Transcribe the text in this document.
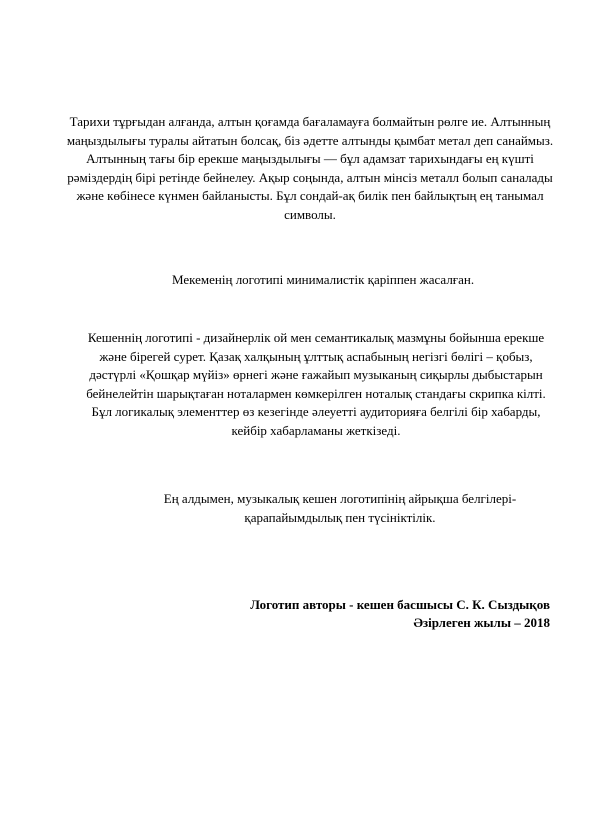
Тарихи тұрғыдан алғанда, алтын қоғамда бағаламауға болмайтын рөлге ие. Алтынның маңыздылығы туралы айтатын болсақ, біз әдетте алтынды қымбат метал деп санаймыз. Алтынның тағы бір ерекше маңыздылығы — бұл адамзат тарихындағы ең күшті рәміздердің бірі ретінде бейнелеу. Ақыр соңында, алтын мінсіз металл болып саналады және көбінесе күнмен байланысты. Бұл сондай-ақ билік пен байлықтың ең танымал символы.

Мекеменің логотипі минималистік қаріппен жасалған.

Кешеннің логотипі - дизайнерлік ой мен семантикалық мазмұны бойынша ерекше және бірегей сурет. Қазақ халқының ұлттық аспабының негізгі бөлігі – қобыз, дәстүрлі «Қошқар мүйіз» өрнегі және ғажайып музыканың сиқырлы дыбыстарын бейнелейтін шарықтаған ноталармен көмкерілген ноталық стандағы скрипка кілті. Бұл логикалық элементтер өз кезегінде әлеуетті аудиторияға белгілі бір хабарды, кейбір хабарламаны жеткізеді.

Ең алдымен, музыкалық кешен логотипінің айрықша белгілері- қарапайымдылық пен түсініктілік.

Логотип авторы - кешен басшысы С. К. Сыздықов

Әзірлеген жылы – 2018
